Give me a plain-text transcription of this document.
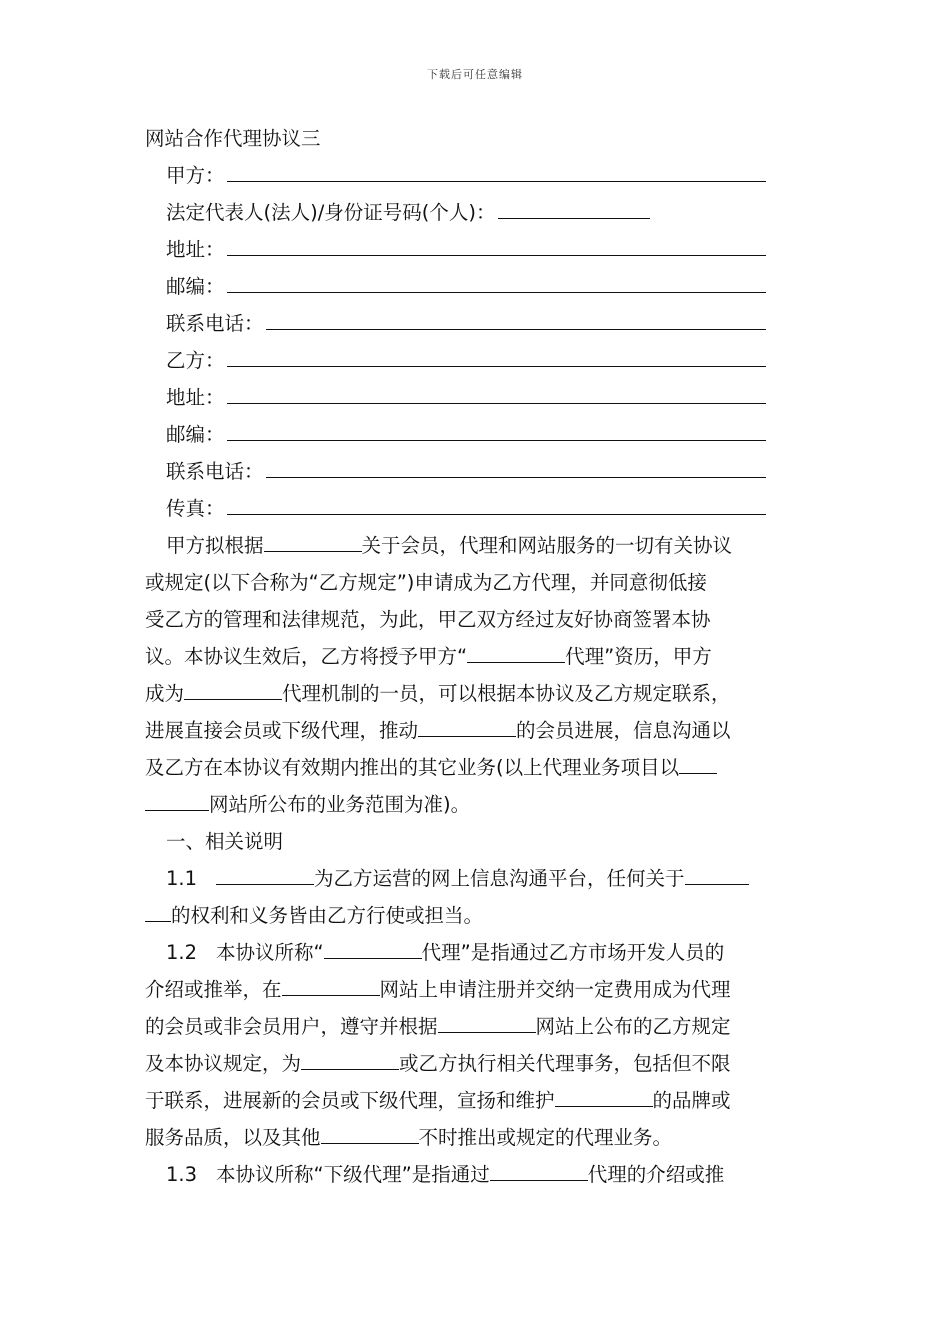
下载后可任意编辑
网站合作代理协议三
甲方：
法定代表人(法人)/身份证号码(个人)：
地址：
邮编：
联系电话：
乙方：
地址：
邮编：
联系电话：
传真：
甲方拟根据	关于会员，代理和网站服务的一切有关协议
或规定(以下合称为“乙方规定”)申请成为乙方代理，并同意彻低接
受乙方的管理和法律规范，为此，甲乙双方经过友好协商签署本协
议。本协议生效后，乙方将授予甲方“	代理”资历，甲方
成为	代理机制的一员，可以根据本协议及乙方规定联系，
进展直接会员或下级代理，推动	的会员进展，信息沟通以
及乙方在本协议有效期内推出的其它业务(以上代理业务项目以
网站所公布的业务范围为准)。
一、相关说明
1.1	为乙方运营的网上信息沟通平台，任何关于
的权利和义务皆由乙方行使或担当。
1.2 本协议所称“	代理”是指通过乙方市场开发人员的
介绍或推举，在	网站上申请注册并交纳一定费用成为代理
的会员或非会员用户，遵守并根据	网站上公布的乙方规定
及本协议规定，为	或乙方执行相关代理事务，包括但不限
于联系，进展新的会员或下级代理，宣扬和维护	的品牌或
服务品质，以及其他	不时推出或规定的代理业务。
1.3 本协议所称“下级代理”是指通过	代理的介绍或推
